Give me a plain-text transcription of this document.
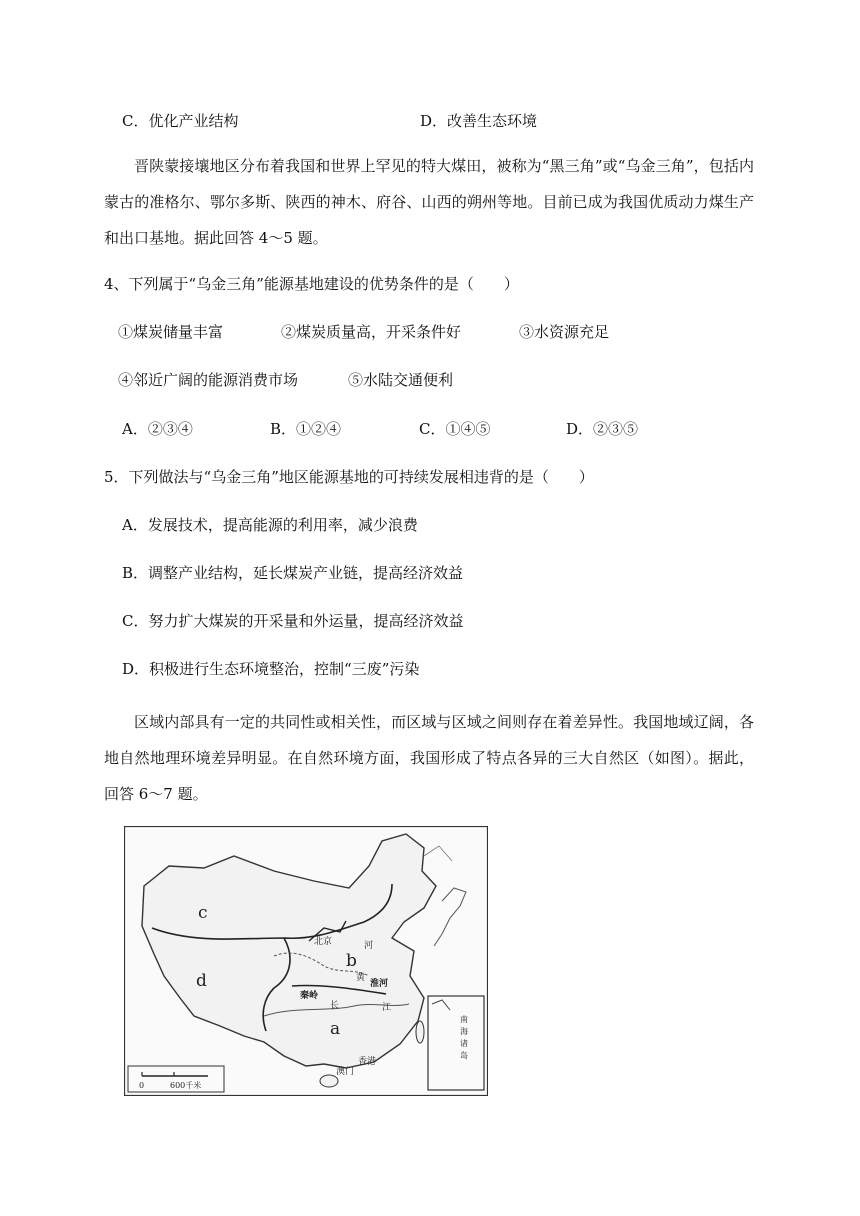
C．优化产业结构	D．改善生态环境
晋陕蒙接壤地区分布着我国和世界上罕见的特大煤田，被称为“黑三角”或“乌金三角”，包括内蒙古的准格尔、鄂尔多斯、陕西的神木、府谷、山西的朔州等地。目前已成为我国优质动力煤生产和出口基地。据此回答 4～5 题。
4、下列属于“乌金三角”能源基地建设的优势条件的是（　　）
①煤炭储量丰富	②煤炭质量高，开采条件好	③水资源充足
④邻近广阔的能源消费市场	⑤水陆交通便利
A．②③④	B．①②④	C．①④⑤	D．②③⑤
5．下列做法与“乌金三角”地区能源基地的可持续发展相违背的是（　　）
A．发展技术，提高能源的利用率，减少浪费
B．调整产业结构，延长煤炭产业链，提高经济效益
C．努力扩大煤炭的开采量和外运量，提高经济效益
D．积极进行生态环境整治，控制“三废”污染
区域内部具有一定的共同性或相关性，而区域与区域之间则存在着差异性。我国地域辽阔，各地自然地理环境差异明显。在自然环境方面，我国形成了特点各异的三大自然区（如图）。据此，回答 6～7 题。
c
d
b
a
北京	河
黄
淮河
秦岭
长	江
香港
澳门
南
海
诸
岛
0	600千米
